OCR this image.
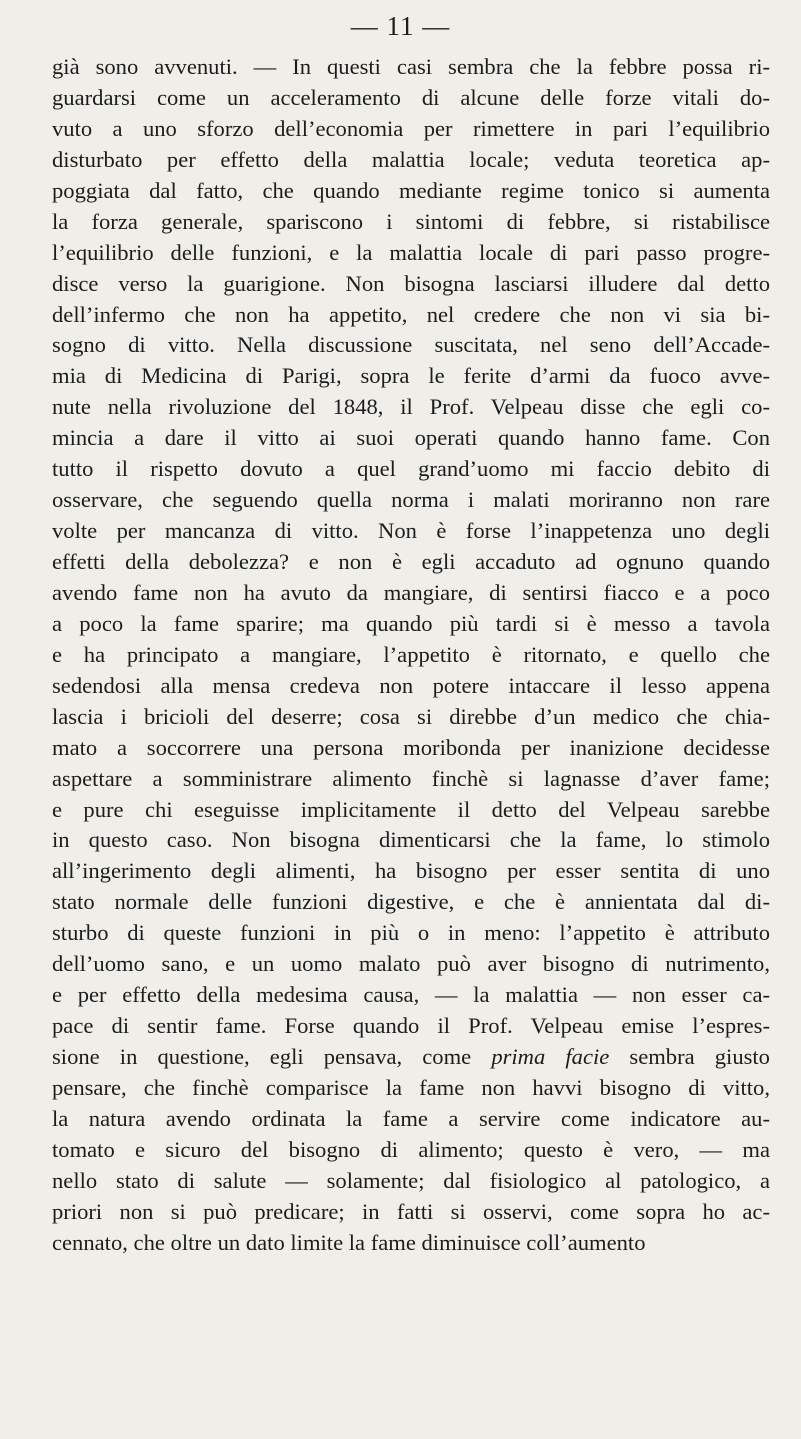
— 11 —
già sono avvenuti. — In questi casi sembra che la febbre possa ri-
guardarsi come un acceleramento di alcune delle forze vitali do-
vuto a uno sforzo dell’economia per rimettere in pari l’equilibrio
disturbato per effetto della malattia locale; veduta teoretica ap-
poggiata dal fatto, che quando mediante regime tonico si aumenta
la forza generale, spariscono i sintomi di febbre, si ristabilisce
l’equilibrio delle funzioni, e la malattia locale di pari passo progre-
disce verso la guarigione. Non bisogna lasciarsi illudere dal detto
dell’infermo che non ha appetito, nel credere che non vi sia bi-
sogno di vitto. Nella discussione suscitata, nel seno dell’Accade-
mia di Medicina di Parigi, sopra le ferite d’armi da fuoco avve-
nute nella rivoluzione del 1848, il Prof. Velpeau disse che egli co-
mincia a dare il vitto ai suoi operati quando hanno fame. Con
tutto il rispetto dovuto a quel grand’uomo mi faccio debito di
osservare, che seguendo quella norma i malati moriranno non rare
volte per mancanza di vitto. Non è forse l’inappetenza uno degli
effetti della debolezza? e non è egli accaduto ad ognuno quando
avendo fame non ha avuto da mangiare, di sentirsi fiacco e a poco
a poco la fame sparire; ma quando più tardi si è messo a tavola
e ha principato a mangiare, l’appetito è ritornato, e quello che
sedendosi alla mensa credeva non potere intaccare il lesso appena
lascia i bricioli del deserre; cosa si direbbe d’un medico che chia-
mato a soccorrere una persona moribonda per inanizione decidesse
aspettare a somministrare alimento finchè si lagnasse d’aver fame;
e pure chi eseguisse implicitamente il detto del Velpeau sarebbe
in questo caso. Non bisogna dimenticarsi che la fame, lo stimolo
all’ingerimento degli alimenti, ha bisogno per esser sentita di uno
stato normale delle funzioni digestive, e che è annientata dal di-
sturbo di queste funzioni in più o in meno: l’appetito è attributo
dell’uomo sano, e un uomo malato può aver bisogno di nutrimento,
e per effetto della medesima causa, — la malattia — non esser ca-
pace di sentir fame. Forse quando il Prof. Velpeau emise l’espres-
sione in questione, egli pensava, come prima facie sembra giusto
pensare, che finchè comparisce la fame non havvi bisogno di vitto,
la natura avendo ordinata la fame a servire come indicatore au-
tomato e sicuro del bisogno di alimento; questo è vero, — ma
nello stato di salute — solamente; dal fisiologico al patologico, a
priori non si può predicare; in fatti si osservi, come sopra ho ac-
cennato, che oltre un dato limite la fame diminuisce coll’aumento
